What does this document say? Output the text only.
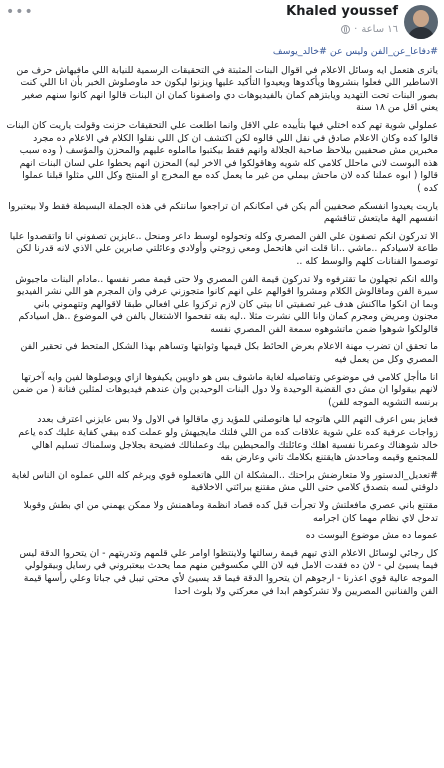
•••	Khaled youssef
١٦ ساعة
·

#دفاعا_عن_الفن وليس عن #خالد_يوسف

ياترى هتعمل ايه وسائل الاعلام في اقوال البنات المثبتة في التحقيقات الرسمية للنيابة اللي مافيهاش حرف من الاساطير اللي فعلوا بنشروها ويأكدوها ويعيدوا التأكيد عليها ويزنوا ليكون حد ماوصلوش الخبر بأن انا اللي كنت بصور البنات تحت التهديد ويابتزهم كمان بالفيديوهات دي واصفونا كمان ان البنات قالوا انهم كانوا سنهم صغير يعني اقل من ١٨ سنة

عملولي شوية تهم كده اختلي فيها بتأييده علي الاقل وانما اطلعت علي التحقيقات حزنت وقولت ياريت كان البنات قالوا كده وكان الاعلام صادق في نقل اللي قالوه لكن اكتشف ان كل اللي نقلوا الكلام في الاعلام ده مجرد مخبرين مش صحفيين بيلاحظ صاحبة الجلالة وانهم فقط بيكتبوا مااملوه عليهم والمحزن والمؤسف ( وده سبب هذه البوست لاني ماحلل كلامي كله شويه وهاقولكوا في الاخر ليه) المحزن انهم يحطوا علي لسان البنات انهم قالوا ( ابوه عملنا كده لان ماحش بيملي من غير ما يعمل كده مع المخرج او المنتج وكل اللي مثلوا قبلنا عملوا كده )

ياريت يعيدوا انفسكم صحفيين ألم يكن في امكانكم ان تراجعوا سانتكم في هذه الجملة البسيطة فقط ولا بيعتبروا انفسهم الهة مايتعش تناقشهم

الا تدركون انكم تصفون علي الفن المصري وكله وتحولوه لوسط داعر ومنحل ..عايزين تصفوني انا واتقصدوا عليا طاعة لاسيادكم ..ماشي ..انا قلت اني هاتحمل ومعي زوجتي وأولادي وعائلتي صابرين علي الاذي لانه قدرنا لكن توصموا الفنانات كلهم والوسط كله ..

والله انكم تجهلون ما تقترفوه ولا تدركون قيمة الفن المصري ولا حتى قيمة مصر نفسها ..مادام البنات ماجبوش سيرة الفن وماقالوش الكلام ومشروا اقوالهم علي انهم كانوا متجوزني عرفي وان المجرم هو اللي نشر الفيديو وبما ان انكوا مااكنش هدف غير تصفيتي انا بيتي كان لازم تركزوا علي افعالي طبقا لاقوالهم وتتهموني باني مجنون ومريض ومجرم كمان وانا اللي نشرت مثلا ..ليه بقه تقحموا الاشتغال بالفن في الموضوع ..هل اسيادكم قالولكوا شوهوا ضمن ماتشوهوه سمعة الفن المصري نفسه

ما تحقق ان تضرب مهنة الاعلام بعرض الحائط بكل قيمها وثوابتها وتساهم بهذا الشكل المتحط في تحقير الفن المصري وكل من يعمل فيه

انا ماأجل كلامي في موضوعي وتفاصيله لغاية ماشوف بس هو داويين يكيفوها ازاي ويوصلوها لفين وايه آخرتها لانهم بيقولوا ان مش دي القضية الوحيدة ولا دول البنات الوحيدين وان عندهم فيديوهات لمثلين فنانة ( من ضمن برنسه التشويه الموجه للفن)

فعايز بس اعرف التهم اللي هاتوجه ليا هاتوصلني للمؤيد زي ماقالوا في الاول ولا بس عايزني اعترف بعدد زواجات عرفية كده علي شوية علاقات كده من اللي فلتك مايجيهش ولو عملت كده بيقي كفاية عليك كده ياعم خالد شوهناك وعمرنا نفسية اهلك وعائلتك والمحيطين بيك وعملنالك فضيحة بجلاجل وسلمناك تسليم اهالي للمجتمع وقيمه وماحدش هايقتنع بكلامك تاني وعارض بقه

#تعديل_الدستور ولا متعارضش براحتك ..المشكلة ان اللي هاتعملوه قوي ويرغم كله اللي عملوه ان الناس لغاية دلوقتي لسه بتصدق كلامي حتى اللي مش مقتنع ببرائتي الاخلاقية

مقتنع باني عصري مافعلتش ولا تجرأت قبل كده قصاد انظمة وماهمنش ولا ممكن يهمني من اي بطش وقوبلا تدخل لاي نظام مهما كان اجرامه

عموما ده مش موضوع البوست ده

كل رجائي لوسائل الاعلام الذي تيهم قيمة رسالتها ولاينتظوا اوامر علي قلمهم وتدريتهم - ان يتحروا الدقة ليس فيما يسيئ لي - لان ده فقدت الامل فيه لان اللي مكسوفين منهم مما يحدث بيعتبروني في رسايل وبيقولولي الموجه عالية قوي اعذرنا - ارجوهم ان يتحروا الدقة فيما قد يسيئ لأي محتي تيبل في جباتا وعلي رأسها قيمة الفن والفنانين المصريين ولا تشركوهم ابدا في معركتي ولا بلوث احدا
